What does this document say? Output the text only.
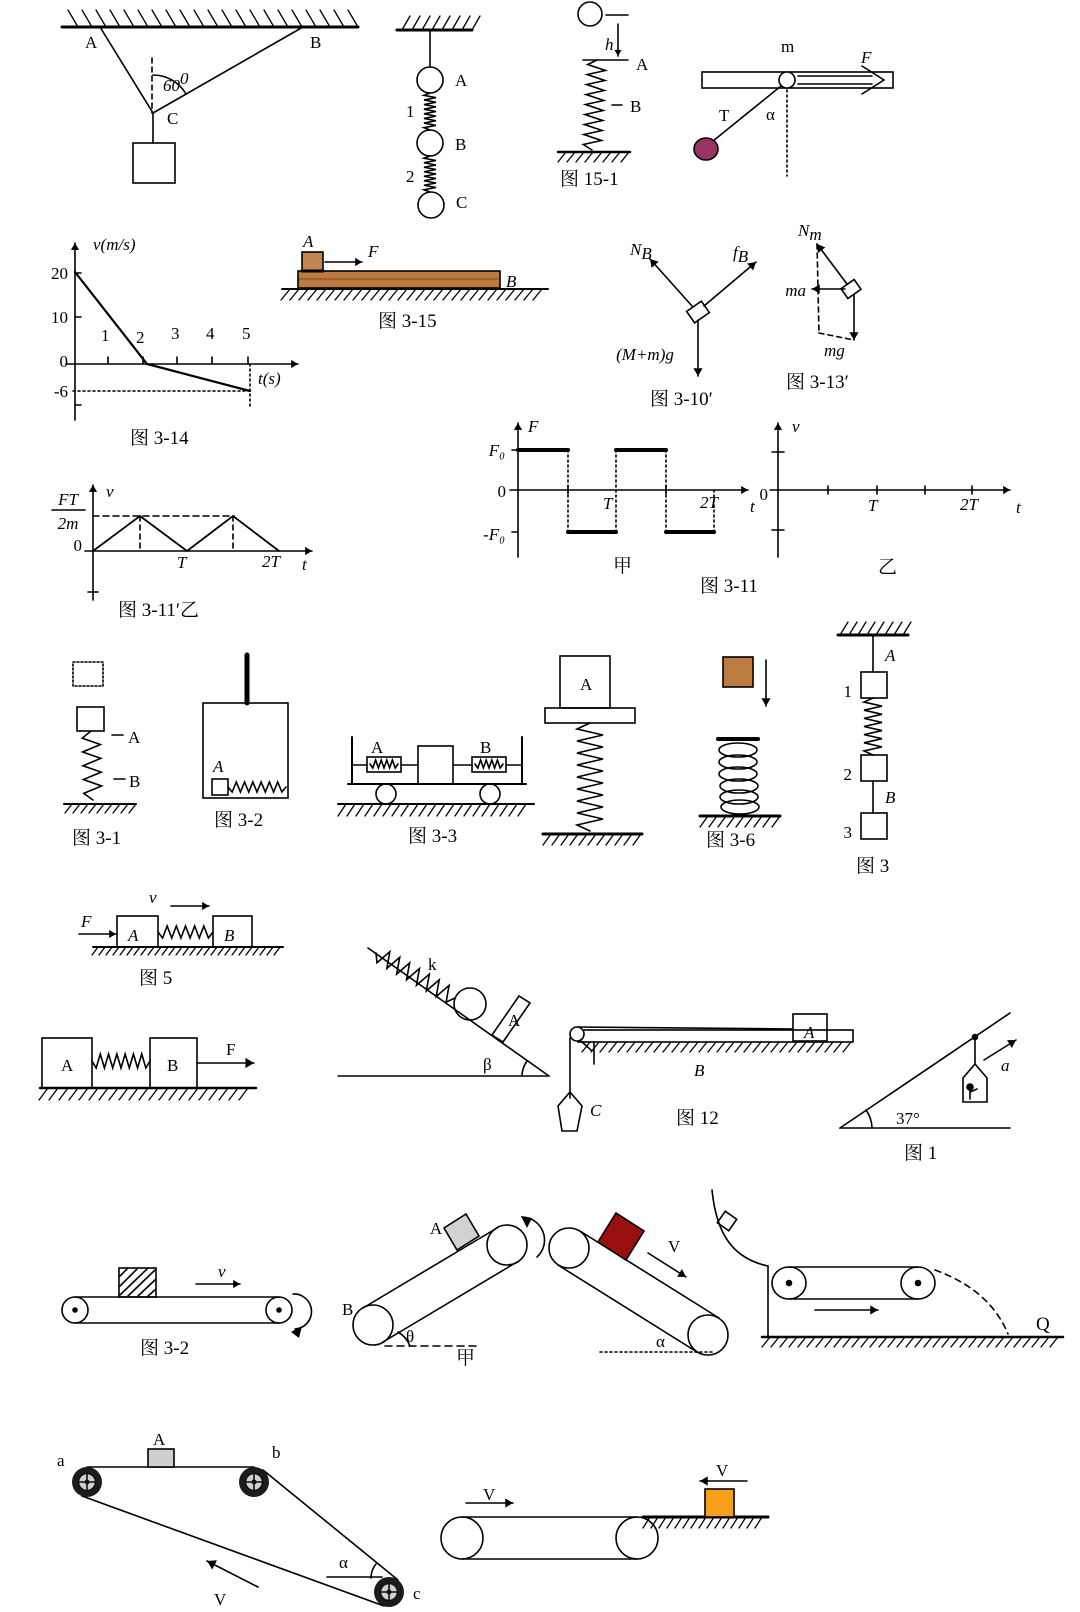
A	B
C
600	A
B
C
1
2
h
A
B
图 15-1
F
m
T α
v(m/s)
20
10
0
-6
1 2 3 4 5
t(s)
图 3-14
A
F
B
图 3-15
NB	fB
(M+m)g
图 3-10′
Nm
ma
mg
图 3-13′
F
F₀
0
-F₀
T	2T t
甲
v
0
T	2T t
乙
图 3-11
FT
2m
0
v
T	2T t
图 3-11′乙
A
B
图 3-1
A
图 3-2
A	B
图 3-3
A
图 3-6
A
1
2
B
3
图 3
v
F
A	B
图 5
A	B
F
k
A
β
C
A
B
图 12	37°
a
图 1
v
图 3-2
A
B
θ
甲
V
α
Q
A
a	b
c
V
α
V
V
